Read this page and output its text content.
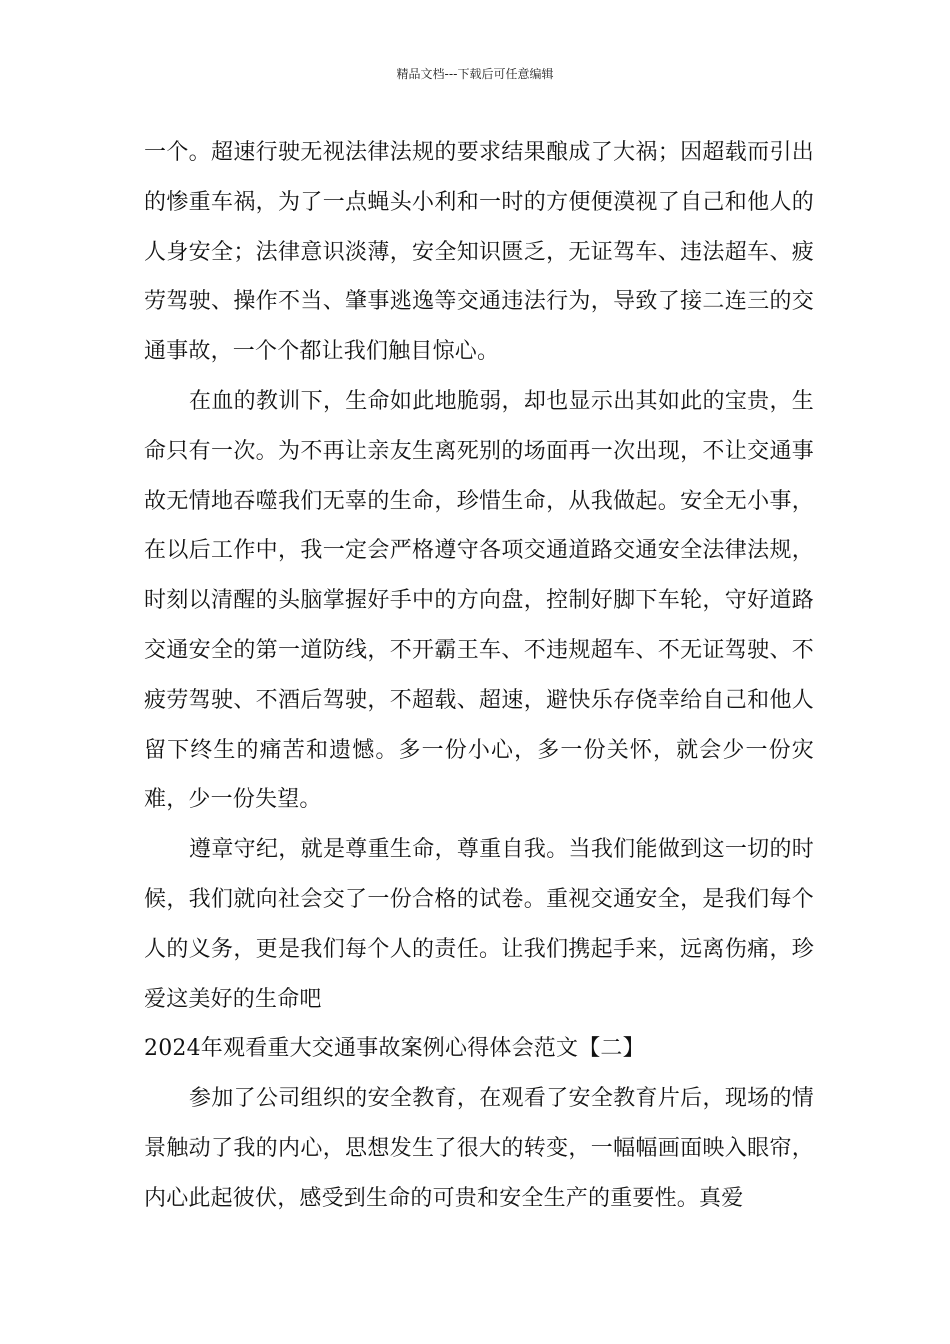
精品文档---下载后可任意编辑

一个。超速行驶无视法律法规的要求结果酿成了大祸；因超载而引出的惨重车祸，为了一点蝇头小利和一时的方便便漠视了自己和他人的人身安全；法律意识淡薄，安全知识匮乏，无证驾车、违法超车、疲劳驾驶、操作不当、肇事逃逸等交通违法行为，导致了接二连三的交通事故，一个个都让我们触目惊心。

在血的教训下，生命如此地脆弱，却也显示出其如此的宝贵，生命只有一次。为不再让亲友生离死别的场面再一次出现，不让交通事故无情地吞噬我们无辜的生命，珍惜生命，从我做起。安全无小事，在以后工作中，我一定会严格遵守各项交通道路交通安全法律法规，时刻以清醒的头脑掌握好手中的方向盘，控制好脚下车轮，守好道路交通安全的第一道防线，不开霸王车、不违规超车、不无证驾驶、不疲劳驾驶、不酒后驾驶，不超载、超速，避快乐存侥幸给自己和他人留下终生的痛苦和遗憾。多一份小心，多一份关怀，就会少一份灾难，少一份失望。

遵章守纪，就是尊重生命，尊重自我。当我们能做到这一切的时候，我们就向社会交了一份合格的试卷。重视交通安全，是我们每个人的义务，更是我们每个人的责任。让我们携起手来，远离伤痛，珍爱这美好的生命吧

2024年观看重大交通事故案例心得体会范文【二】

参加了公司组织的安全教育，在观看了安全教育片后，现场的情景触动了我的内心，思想发生了很大的转变，一幅幅画面映入眼帘，内心此起彼伏，感受到生命的可贵和安全生产的重要性。真爱
